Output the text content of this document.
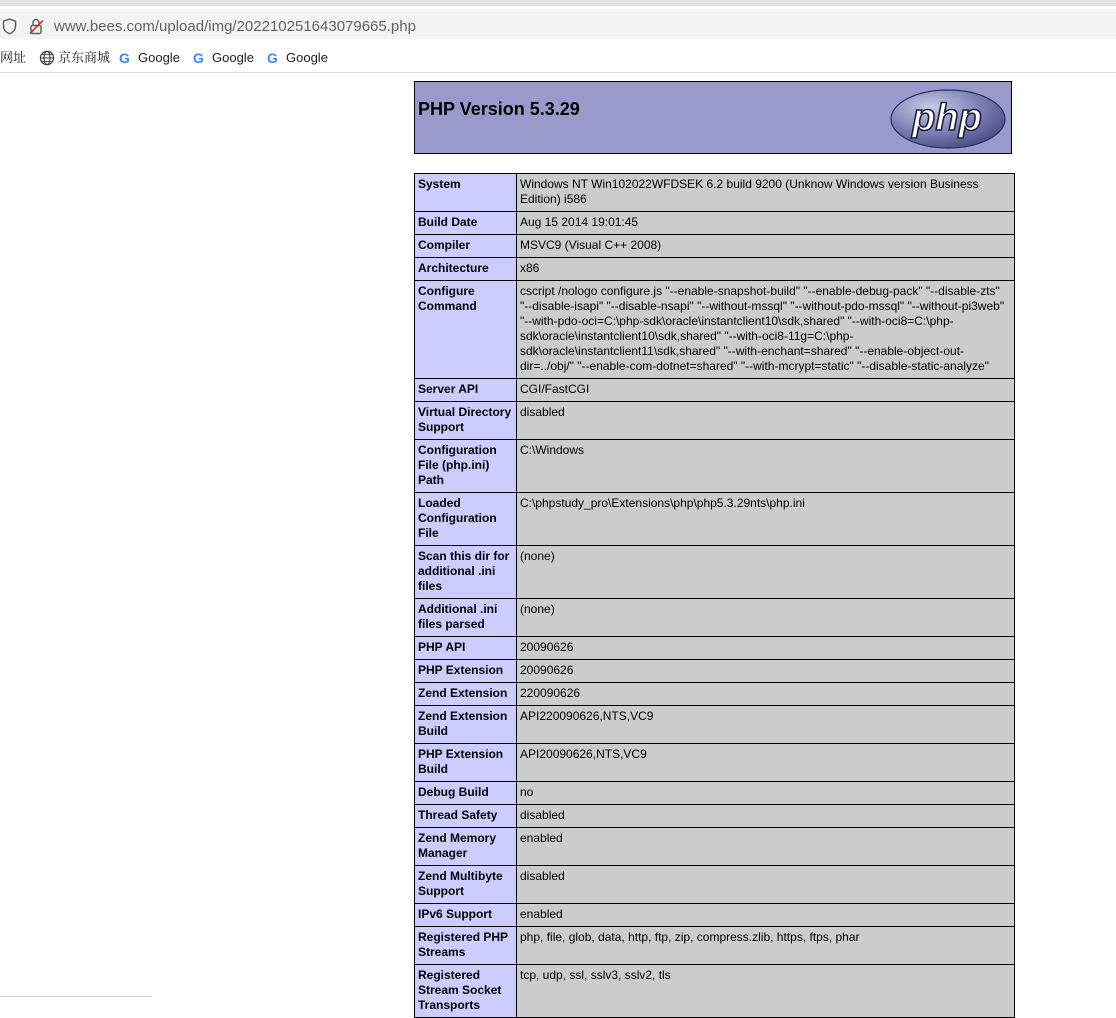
www.bees.com/upload/img/202210251643079665.php
网址 京东商城 G Google G Google G Google
PHP Version 5.3.29	php
System	Windows NT Win102022WFDSEK 6.2 build 9200 (Unknow Windows version Business Edition) i586
Build Date	Aug 15 2014 19:01:45
Compiler	MSVC9 (Visual C++ 2008)
Architecture	x86
Configure Command	cscript /nologo configure.js "--enable-snapshot-build" "--enable-debug-pack" "--disable-zts" "--disable-isapi" "--disable-nsapi" "--without-mssql" "--without-pdo-mssql" "--without-pi3web" "--with-pdo-oci=C:\php-sdk\oracle\instantclient10\sdk,shared" "--with-oci8=C:\php-sdk\oracle\instantclient10\sdk,shared" "--with-oci8-11g=C:\php-sdk\oracle\instantclient11\sdk,shared" "--with-enchant=shared" "--enable-object-out-dir=../obj/" "--enable-com-dotnet=shared" "--with-mcrypt=static" "--disable-static-analyze"
Server API	CGI/FastCGI
Virtual Directory Support	disabled
Configuration File (php.ini) Path	C:\Windows
Loaded Configuration File	C:\phpstudy_pro\Extensions\php\php5.3.29nts\php.ini
Scan this dir for additional .ini files	(none)
Additional .ini files parsed	(none)
PHP API	20090626
PHP Extension	20090626
Zend Extension	220090626
Zend Extension Build	API220090626,NTS,VC9
PHP Extension Build	API20090626,NTS,VC9
Debug Build	no
Thread Safety	disabled
Zend Memory Manager	enabled
Zend Multibyte Support	disabled
IPv6 Support	enabled
Registered PHP Streams	php, file, glob, data, http, ftp, zip, compress.zlib, https, ftps, phar
Registered Stream Socket Transports	tcp, udp, ssl, sslv3, sslv2, tls
